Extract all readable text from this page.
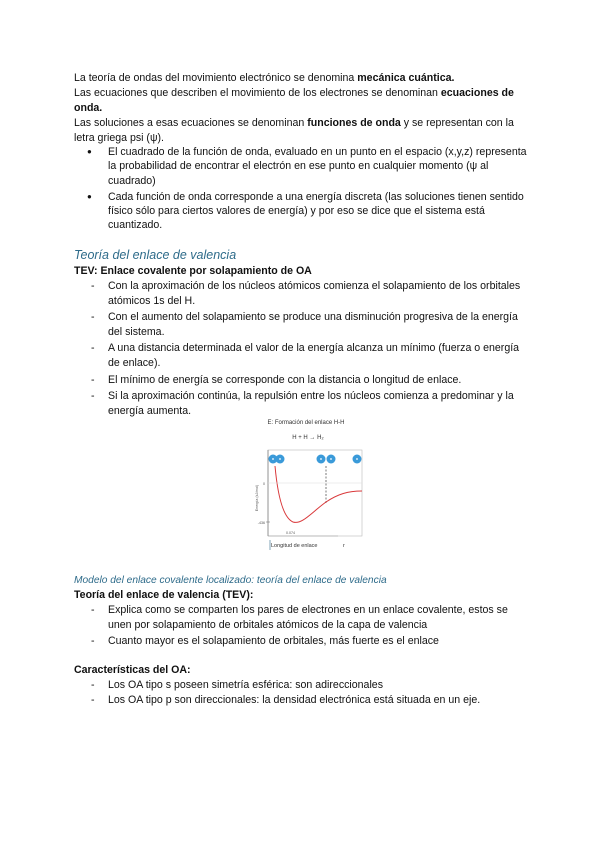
La teoría de ondas del movimiento electrónico se denomina mecánica cuántica.

Las ecuaciones que describen el movimiento de los electrones se denominan ecuaciones de onda.

Las soluciones a esas ecuaciones se denominan funciones de onda y se representan con la letra griega psi (ψ).

● El cuadrado de la función de onda, evaluado en un punto en el espacio (x,y,z) representa la probabilidad de encontrar el electrón en ese punto en cualquier momento (ψ al cuadrado)
● Cada función de onda corresponde a una energía discreta (las soluciones tienen sentido físico sólo para ciertos valores de energía) y por eso se dice que el sistema está cuantizado.

Teoría del enlace de valencia

TEV: Enlace covalente por solapamiento de OA

- Con la aproximación de los núcleos atómicos comienza el solapamiento de los orbitales atómicos 1s del H.
- Con el aumento del solapamiento se produce una disminución progresiva de la energía del sistema.
- A una distancia determinada el valor de la energía alcanza un mínimo (fuerza o energía de enlace).
- El mínimo de energía se corresponde con la distancia o longitud de enlace.
- Si la aproximación continúa, la repulsión entre los núcleos comienza a predominar y la energía aumenta.
E: Formación del enlace H-H
H + H → H₂
Energía (kJ/mol)
0
-436
0.074
Longitud de enlace	r

Modelo del enlace covalente localizado: teoría del enlace de valencia

Teoría del enlace de valencia (TEV):

- Explica como se comparten los pares de electrones en un enlace covalente, estos se unen por solapamiento de orbitales atómicos de la capa de valencia
- Cuanto mayor es el solapamiento de orbitales, más fuerte es el enlace

Características del OA:

- Los OA tipo s poseen simetría esférica: son adireccionales
- Los OA tipo p son direccionales: la densidad electrónica está situada en un eje.
